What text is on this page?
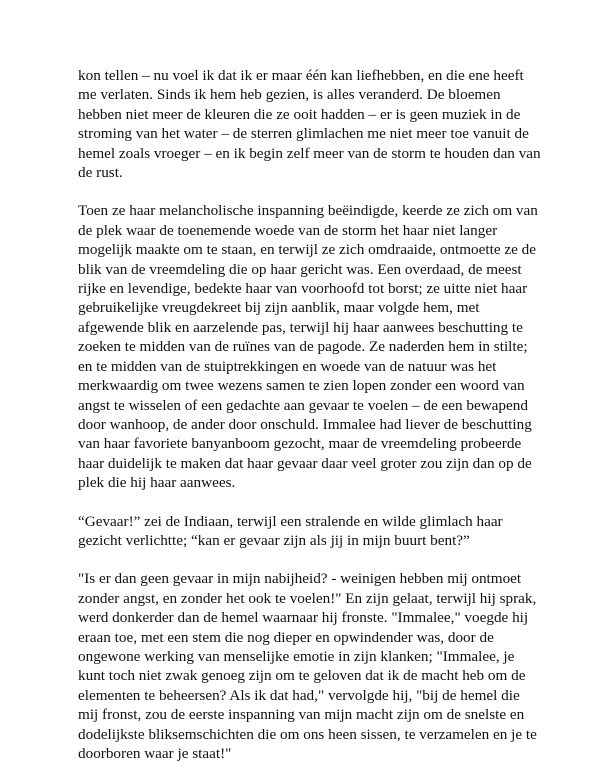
kon tellen – nu voel ik dat ik er maar één kan liefhebben, en die ene heeft
me verlaten. Sinds ik hem heb gezien, is alles veranderd. De bloemen
hebben niet meer de kleuren die ze ooit hadden – er is geen muziek in de
stroming van het water – de sterren glimlachen me niet meer toe vanuit de
hemel zoals vroeger – en ik begin zelf meer van de storm te houden dan van
de rust.
Toen ze haar melancholische inspanning beëindigde, keerde ze zich om van
de plek waar de toenemende woede van de storm het haar niet langer
mogelijk maakte om te staan, en terwijl ze zich omdraaide, ontmoette ze de
blik van de vreemdeling die op haar gericht was. Een overdaad, de meest
rijke en levendige, bedekte haar van voorhoofd tot borst; ze uitte niet haar
gebruikelijke vreugdekreet bij zijn aanblik, maar volgde hem, met
afgewende blik en aarzelende pas, terwijl hij haar aanwees beschutting te
zoeken te midden van de ruïnes van de pagode. Ze naderden hem in stilte;
en te midden van de stuiptrekkingen en woede van de natuur was het
merkwaardig om twee wezens samen te zien lopen zonder een woord van
angst te wisselen of een gedachte aan gevaar te voelen – de een bewapend
door wanhoop, de ander door onschuld. Immalee had liever de beschutting
van haar favoriete banyanboom gezocht, maar de vreemdeling probeerde
haar duidelijk te maken dat haar gevaar daar veel groter zou zijn dan op de
plek die hij haar aanwees.
“Gevaar!” zei de Indiaan, terwijl een stralende en wilde glimlach haar
gezicht verlichtte; “kan er gevaar zijn als jij in mijn buurt bent?”
"Is er dan geen gevaar in mijn nabijheid? - weinigen hebben mij ontmoet
zonder angst, en zonder het ook te voelen!" En zijn gelaat, terwijl hij sprak,
werd donkerder dan de hemel waarnaar hij fronste. "Immalee," voegde hij
eraan toe, met een stem die nog dieper en opwindender was, door de
ongewone werking van menselijke emotie in zijn klanken; "Immalee, je
kunt toch niet zwak genoeg zijn om te geloven dat ik de macht heb om de
elementen te beheersen? Als ik dat had," vervolgde hij, "bij de hemel die
mij fronst, zou de eerste inspanning van mijn macht zijn om de snelste en
dodelijkste bliksemschichten die om ons heen sissen, te verzamelen en je te
doorboren waar je staat!"
